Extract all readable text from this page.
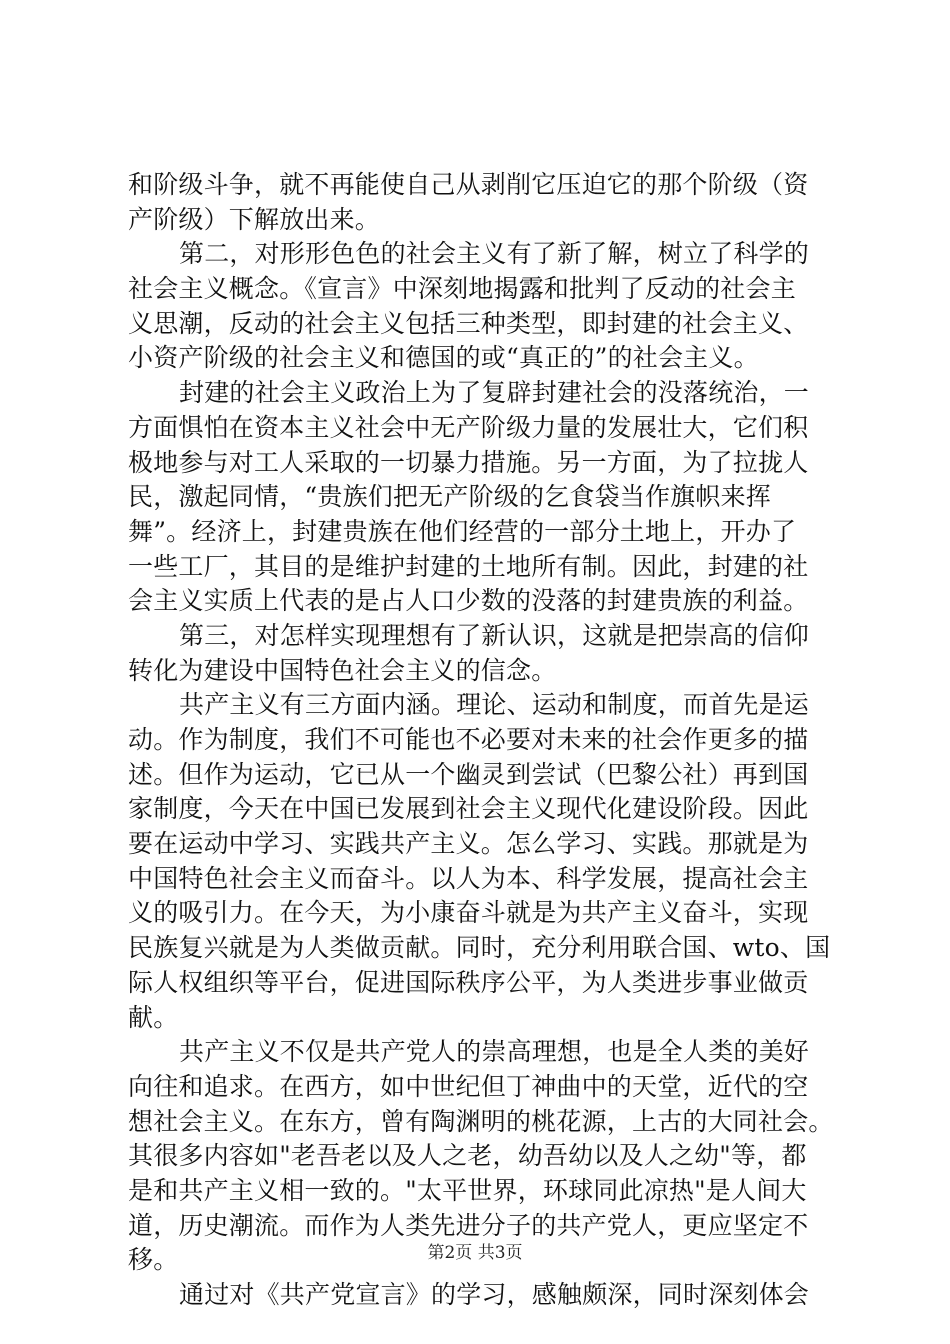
和阶级斗争，就不再能使自己从剥削它压迫它的那个阶级（资
产阶级）下解放出来。
第二，对形形色色的社会主义有了新了解，树立了科学的
社会主义概念。《宣言》中深刻地揭露和批判了反动的社会主
义思潮，反动的社会主义包括三种类型，即封建的社会主义、
小资产阶级的社会主义和德国的或“真正的”的社会主义。
封建的社会主义政治上为了复辟封建社会的没落统治，一
方面惧怕在资本主义社会中无产阶级力量的发展壮大，它们积
极地参与对工人采取的一切暴力措施。另一方面，为了拉拢人
民，激起同情，“贵族们把无产阶级的乞食袋当作旗帜来挥
舞”。经济上，封建贵族在他们经营的一部分土地上，开办了
一些工厂，其目的是维护封建的土地所有制。因此，封建的社
会主义实质上代表的是占人口少数的没落的封建贵族的利益。
第三，对怎样实现理想有了新认识，这就是把崇高的信仰
转化为建设中国特色社会主义的信念。
共产主义有三方面内涵。理论、运动和制度，而首先是运
动。作为制度，我们不可能也不必要对未来的社会作更多的描
述。但作为运动，它已从一个幽灵到尝试（巴黎公社）再到国
家制度，今天在中国已发展到社会主义现代化建设阶段。因此
要在运动中学习、实践共产主义。怎么学习、实践。那就是为
中国特色社会主义而奋斗。以人为本、科学发展，提高社会主
义的吸引力。在今天，为小康奋斗就是为共产主义奋斗，实现
民族复兴就是为人类做贡献。同时，充分利用联合国、wto、国
际人权组织等平台，促进国际秩序公平，为人类进步事业做贡
献。
共产主义不仅是共产党人的崇高理想，也是全人类的美好
向往和追求。在西方，如中世纪但丁神曲中的天堂，近代的空
想社会主义。在东方，曾有陶渊明的桃花源，上古的大同社会。
其很多内容如"老吾老以及人之老，幼吾幼以及人之幼"等，都
是和共产主义相一致的。"太平世界，环球同此凉热"是人间大
道，历史潮流。而作为人类先进分子的共产党人，更应坚定不
移。
通过对《共产党宣言》的学习，感触颇深，同时深刻体会
第2页 共3页
